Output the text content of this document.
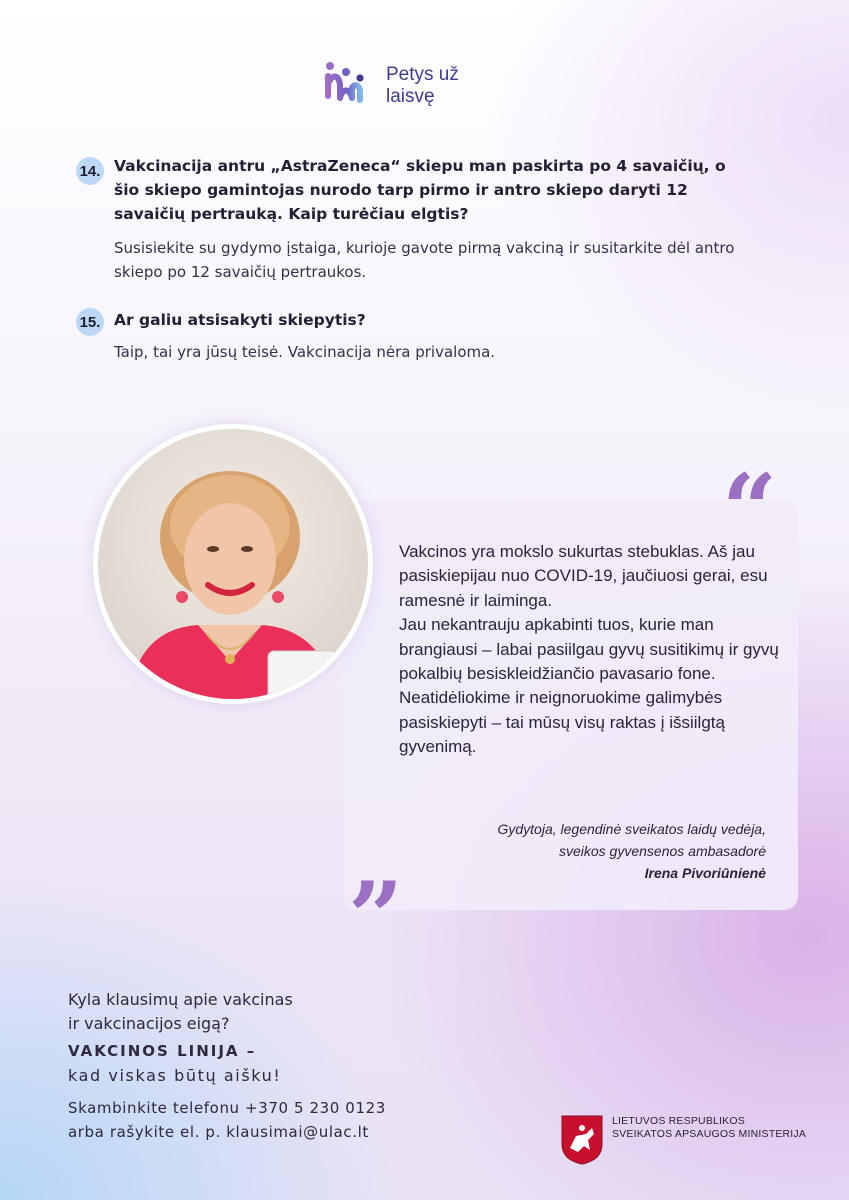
Petys už
laisvę
14. Vakcinacija antru „AstraZeneca“ skiepu man paskirta po 4 savaičių, o šio skiepo gamintojas nurodo tarp pirmo ir antro skiepo daryti 12 savaičių pertrauką. Kaip turėčiau elgtis?
Susisiekite su gydymo įstaiga, kurioje gavote pirmą vakciną ir susitarkite dėl antro skiepo po 12 savaičių pertraukos.
15. Ar galiu atsisakyti skiepytis?
Taip, tai yra jūsų teisė. Vakcinacija nėra privaloma.
“
”
Vakcinos yra mokslo sukurtas stebuklas. Aš jau pasiskiepijau nuo COVID-19, jaučiuosi gerai, esu ramesnė ir laiminga.
Jau nekantrauju apkabinti tuos, kurie man brangiausi – labai pasiilgau gyvų susitikimų ir gyvų pokalbių besiskleidžiančio pavasario fone.
Neatidėliokime ir neignoruokime galimybės pasiskiepyti – tai mūsų visų raktas į išsiilgtą gyvenimą.
Gydytoja, legendinė sveikatos laidų vedėja,
sveikos gyvensenos ambasadorė
Irena Pivoriūnienė
Kyla klausimų apie vakcinas
ir vakcinacijos eigą?
VAKCINOS LINIJA –
kad viskas būtų aišku!
Skambinkite telefonu +370 5 230 0123
arba rašykite el. p. klausimai@ulac.lt
LIETUVOS RESPUBLIKOS
SVEIKATOS APSAUGOS MINISTERIJA
